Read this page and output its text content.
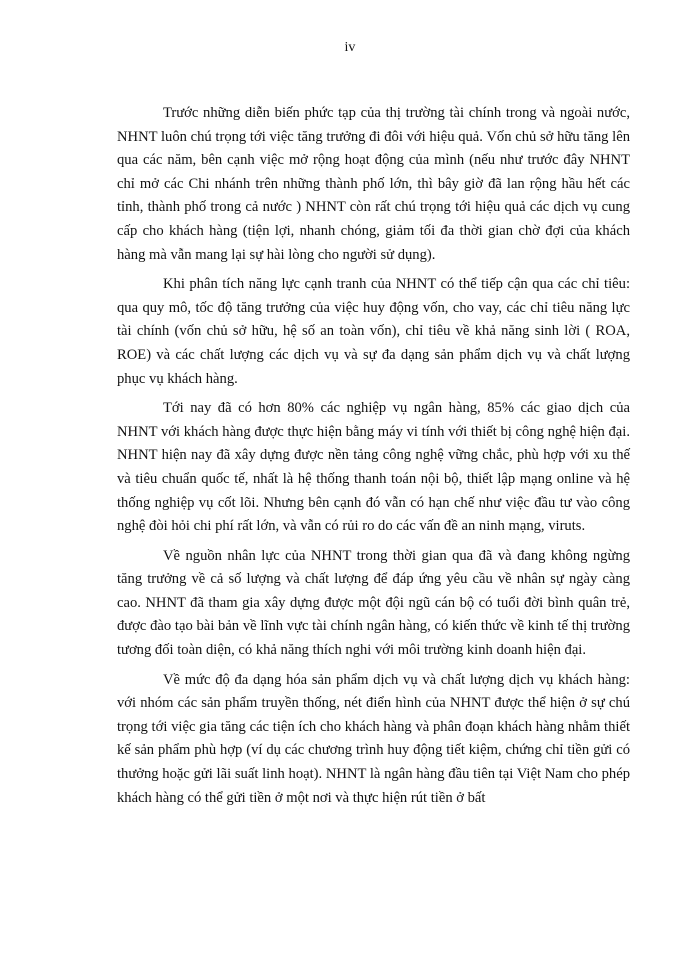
iv

Trước những diễn biến phức tạp của thị trường tài chính trong và ngoài nước, NHNT luôn chú trọng tới việc tăng trưởng đi đôi với hiệu quả. Vốn chủ sở hữu tăng lên qua các năm, bên cạnh việc mở rộng hoạt động của mình (nếu như trước đây NHNT chỉ mở các Chi nhánh trên những thành phố lớn, thì bây giờ đã lan rộng hầu hết các tỉnh, thành phố trong cả nước ) NHNT còn rất chú trọng tới hiệu quả các dịch vụ cung cấp cho khách hàng (tiện lợi, nhanh chóng, giảm tối đa thời gian chờ đợi của khách hàng mà vẫn mang lại sự hài lòng cho người sử dụng).

Khi phân tích năng lực cạnh tranh của NHNT có thể tiếp cận qua các chỉ tiêu: qua quy mô, tốc độ tăng trưởng của việc huy động vốn, cho vay, các chỉ tiêu năng lực tài chính (vốn chủ sở hữu, hệ số an toàn vốn), chỉ tiêu về khả năng sinh lời ( ROA, ROE) và các chất lượng các dịch vụ và sự đa dạng sản phẩm dịch vụ và chất lượng phục vụ khách hàng.

Tới nay đã có hơn 80% các nghiệp vụ ngân hàng, 85% các giao dịch của NHNT với khách hàng được thực hiện bằng máy vi tính với thiết bị công nghệ hiện đại. NHNT hiện nay đã xây dựng được nền tảng công nghệ vững chắc, phù hợp với xu thế và tiêu chuẩn quốc tế, nhất là hệ thống thanh toán nội bộ, thiết lập mạng online và hệ thống nghiệp vụ cốt lõi. Nhưng bên cạnh đó vẫn có hạn chế như việc đầu tư vào công nghệ đòi hỏi chi phí rất lớn, và vẫn có rủi ro do các vấn đề an ninh mạng, viruts.

Về nguồn nhân lực của NHNT trong thời gian qua đã và đang không ngừng tăng trưởng về cả số lượng và chất lượng để đáp ứng yêu cầu về nhân sự ngày càng cao. NHNT đã tham gia xây dựng được một đội ngũ cán bộ có tuổi đời bình quân trẻ, được đào tạo bài bản về lĩnh vực tài chính ngân hàng, có kiến thức về kinh tế thị trường tương đối toàn diện, có khả năng thích nghi với môi trường kinh doanh hiện đại.

Về mức độ đa dạng hóa sản phẩm dịch vụ và chất lượng dịch vụ khách hàng: với nhóm các sản phẩm truyền thống, nét điển hình của NHNT được thể hiện ở sự chú trọng tới việc gia tăng các tiện ích cho khách hàng và phân đoạn khách hàng nhằm thiết kế sản phẩm phù hợp (ví dụ các chương trình huy động tiết kiệm, chứng chỉ tiền gửi có thưởng hoặc gửi lãi suất linh hoạt). NHNT là ngân hàng đầu tiên tại Việt Nam cho phép khách hàng có thể gửi tiền ở một nơi và thực hiện rút tiền ở bất
